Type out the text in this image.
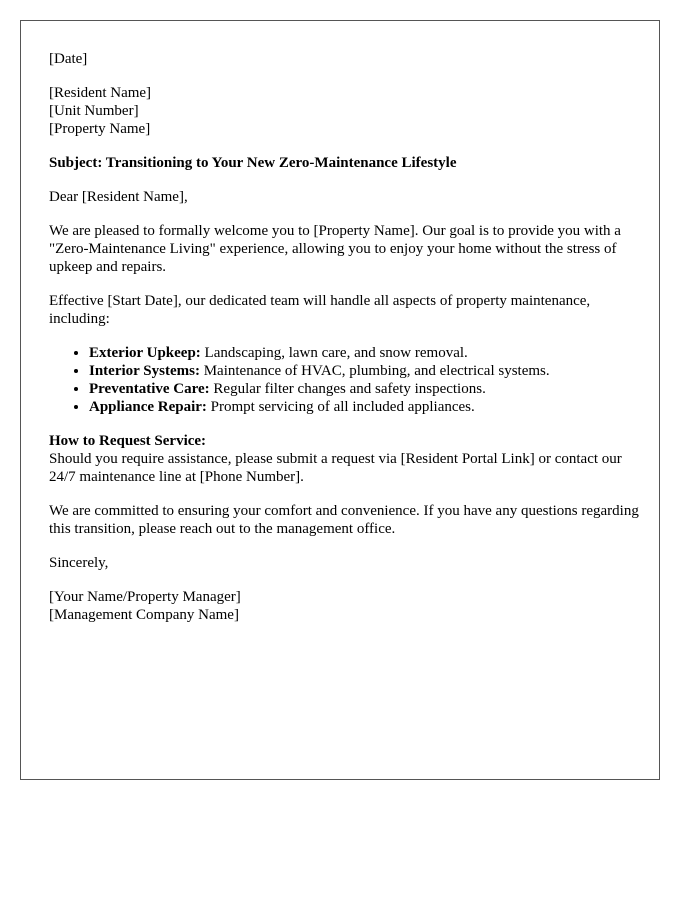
[Date]

[Resident Name]
[Unit Number]
[Property Name]

Subject: Transitioning to Your New Zero-Maintenance Lifestyle

Dear [Resident Name],

We are pleased to formally welcome you to [Property Name]. Our goal is to provide you with a "Zero-Maintenance Living" experience, allowing you to enjoy your home without the stress of upkeep and repairs.

Effective [Start Date], our dedicated team will handle all aspects of property maintenance, including:

• Exterior Upkeep: Landscaping, lawn care, and snow removal.
• Interior Systems: Maintenance of HVAC, plumbing, and electrical systems.
• Preventative Care: Regular filter changes and safety inspections.
• Appliance Repair: Prompt servicing of all included appliances.
How to Request Service:
Should you require assistance, please submit a request via [Resident Portal Link] or contact our 24/7 maintenance line at [Phone Number].

We are committed to ensuring your comfort and convenience. If you have any questions regarding this transition, please reach out to the management office.

Sincerely,

[Your Name/Property Manager]
[Management Company Name]
